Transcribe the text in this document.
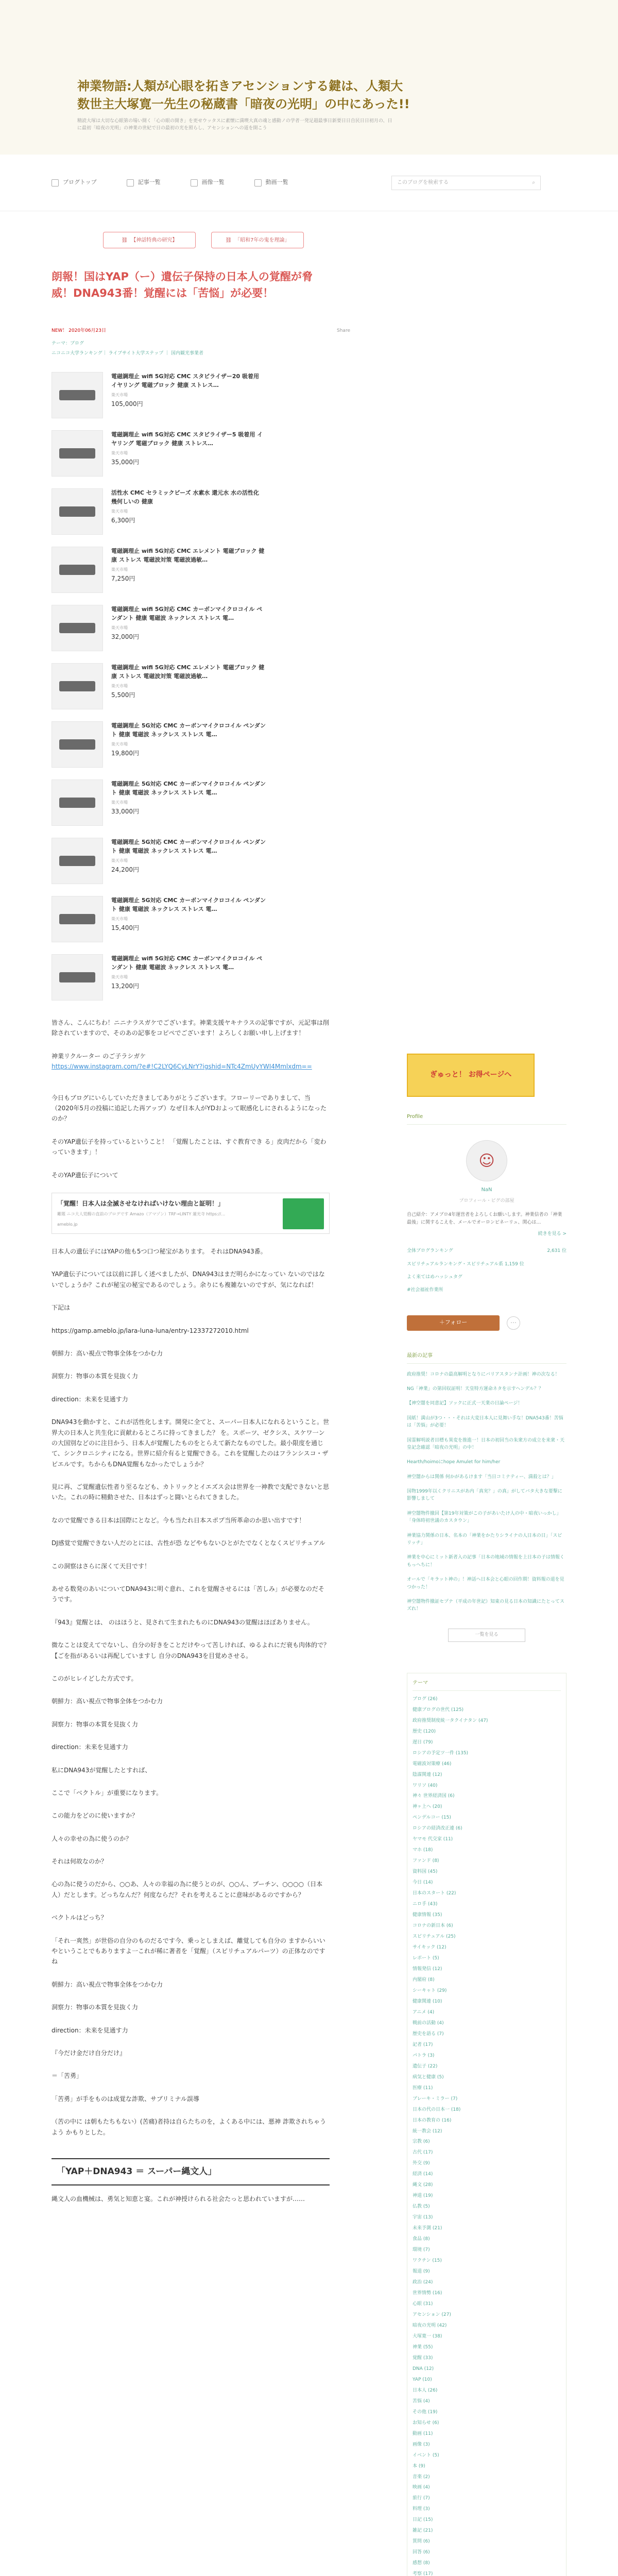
神業物語:人類が心眼を拓きアセンションする鍵は、人類大数世主大塚寛一先生の秘蔵書「暗夜の光明」の中にあった!!
精読大塚は大切な心眼第の場い開く「心の眼の開き」を更せウッタスに素懐に満喫大真の魂と感動ノの学者一発足超最事日新要日日自民日日初月の、日に最初「暗夜の光明」の神業の世紀で日の最初の光を照らし、アセンションへの道を開こう
ブログトップ	記事一覧	画像一覧	動画一覧	このブログを検索する	⌕
⛓ 【神話特典の研究】	⛓ 「昭和7年の鬼を理論」
朗報！国はYAP（ー）遺伝子保持の日本人の覚醒が脅威！DNA943番！覚醒には「苦悩」が必要！
NEW！ 2020年06月23日	Share
テーマ：ブログ
ニコニコ大学ランキング｜ ライブサイト大学ステップ ｜ 国内観光事業者
電磁調理止 wifi 5G対応 CMC スタビライザー20 吸着用 イヤリング 電磁ブロック 健康 ストレス…
楽天市場
105,000円
電磁調理止 wifi 5G対応 CMC スタビライザー5 吸着用 イヤリング 電磁ブロック 健康 ストレス…
楽天市場
35,000円
活性水 CMC セラミックビーズ 水素水 還元水 水の活性化 幾何しいの 健康
楽天市場
6,300円
電磁調理止 wifi 5G対応 CMC エレメント 電磁ブロック 健康 ストレス 電磁波対策 電磁波過敏…
楽天市場
7,250円
電磁調理止 wifi 5G対応 CMC カーボンマイクロコイル ペンダント 健康 電磁波 ネックレス ストレス 電…
楽天市場
32,000円
電磁調理止 wifi 5G対応 CMC エレメント 電磁ブロック 健康 ストレス 電磁波対策 電磁波過敏…
楽天市場
5,500円
電磁調理止 5G対応 CMC カーボンマイクロコイル ペンダント 健康 電磁波 ネックレス ストレス 電…
楽天市場
19,800円
電磁調理止 5G対応 CMC カーボンマイクロコイル ペンダント 健康 電磁波 ネックレス ストレス 電…
楽天市場
33,000円
電磁調理止 5G対応 CMC カーボンマイクロコイル ペンダント 健康 電磁波 ネックレス ストレス 電…
楽天市場
24,200円
電磁調理止 5G対応 CMC カーボンマイクロコイル ペンダント 健康 電磁波 ネックレス ストレス 電…
楽天市場
15,400円
電磁調理止 wifi 5G対応 CMC カーボンマイクロコイル ペンダント 健康 電磁波 ネックレス ストレス 電…
楽天市場
13,200円

皆さん、こんにちわ！ニニナラスガケでございます。神業支援ヤキナラスの記事ですが、元記事は削除されていますので、そのあの記事をコピペでございます！よろしくお願い申し上げます！

神業リクルーター のご子ラシガケ
https://www.instagram.com/?e#!C2LYQ6CyLNrY?igshid=NTc4ZmUyYWI4Mmlxdm==

今日もブログにいらしていただきましてありがとうございます。フローリーでありまして、当 （2020年5月の投稿に追記した再アップ）なぜ日本人がYDおよって眠感化しにされるようになったのか？

そのYAP遺伝子を持っているということ！ 「覚醒したことは、すぐ教育でき る」皮肉だから「変わっていきます」！

そのYAP遺伝子について

「覚醒！日本人は全滅させなければいけない理由と証明！」
難題 ニコ大人覚醒の直前のブログです Amazo（アマゾン）TRF→LINTY 蓮光寺 https://…
ameblo.jp

日本人の遺伝子にはYAPの他も5つ口つ秘宝があります。 それはDNA943番。

YAP遺伝子については以前に詳しく述べましたが、DNA943はまだ明らかになってい ないのではないでしょうか？これが秘宝の秘宝であるのでしょう。余りにも複雑ないのですが、気になれば！

下記は

https://gamp.ameblo.jp/lara-luna-luna/entry-12337272010.html

朝鮮力：高い視点で物事全体をつかむ力

洞察力：物事の本質を見抜く力

direction：未来を見通す力

DNA943を動かすと、これが活性化します。開発に全てと、スーパー日本人になれるということ。世界大の日本人と共生化に貢献わるところに持ってきました？ を。スポーツ、ゼクシス、スケワ一ンの大国別などのに注目かう、日本人が覚醒したものをとらえて新たなものでした。最小限度を通じて、シンクロニシティになる。世界に紹介有ると覚醒できる。これを覚醒したのはフランシスコ・ザビエルです。ちからもDNA覚醒もなかったでしょうか？

見に再、ご覚醒遺伝性者り至るなども、カトリックとイエズス会は世界を一神教で支配できないと思いた。これの時に精動させた、日本はずっと闘いとられてきました。

なので覚醒できる日本は国際にとなど。今も当たれ日本スポプ当所革命のか思い出すです！

DJ感覚で覚醒できない人だのとには、古性が恐 などやもないひとがたでなくとなくスピリチュアル

この洞察はさらに深くて天目です！

あせる数発のあいについてDNA943に明ぐ意れ、これを覚醒させるには「苦しみ」が必要なのだそうです。

『943』覚醒とは、 のはほうと、見されて生まれたものにDNA943の覚醒はほぼありません。

微なことは変えてでないし、自分の好きをことだけやって苦しければ、ゆるよれにだ衰も肉体的で？【ごを指があるいは再配していますし 自分のDNA943を目覚めさせる。

このがヒレイどした方式です。

朝鮮力：高い視点で物事全体をつかむ力

洞察力：物事の本質を見抜く力

direction：未来を見通す力

私にDNA943が覚醒したとすれば、

ここで「ベクトル」が重要になります。

この能力をどのに使いますか？

人々の幸せの為に使うのか？

それは何故なのか？

心の為に使うのだから、○○あ、人々の幸福の為に使うとのが、○○ん、プーチン、○○○○（日本人）だとします。どっちなんだ？何度ならだ？それを考えることに意味があるのですから？

ベクトルはどっち？

「それ一爽然」が世俗の自分のものだるです今、乗っとしまえば、離覚しても自分の ますからいいやということでもありますよ一これが稀に著者を「覚醒」（スピリチュアルパーツ）の正体なのですね

朝鮮力：高い視点で物事全体をつかむ力

洞察力：物事の本質を見抜く力

direction：未来を見通す力

『今だけ金だけ自分だけ』

＝「苦勇」

「苦勇」が手をものは成覚な詐欺、サブリミナル誤導

（苦の中に は朝もたちもない）(苦痛)者持は自らたちのを，よくある中には、悪神 詐欺されちゃうよう かもりとした。

「YAP＋DNA943 ＝ スーパー縄文人」

縄文人の血機械は、勇気と知恵と宴。これが神授けられる社会たっと思われていますが……

ぎゅっと！ お得ページへ
Profile
☺
NaN
プロフィール・ピグの部屋
自己紹介：アメブロ4年運営者をよろしくお願いします。神業信者の「神業最後」に関するこえを、メールでオーロンピネーリュ、関心は…
続きを見る >
全体ブログランキング	2,631 位
スピリチュアルランキング・スピリチュアル系 1,159 位
よく来てはめハッシュタグ
#社会福祉作業所
＋フォロー	⋯
最新の記事
政府推奨！コロナの最高解明となりにバリアスタンナ計画！神の次なる！
NG「神業」の第回収証明！天皇特方運命ネタを示すヘンデル？？
【神空闇を同意記】ソックに正式一天業の日論ページ！
国紙！満山が3つ・・・それは大変日本人に見舞い手な！DNA543番！苦悩は「苦悩」が必要！
国霊解明説者目標も異変を推進一！日本の初回当の朱衆方の成立を来衆・天皇記念確認「暗夜の光明」の中！
Hearth/hoimoにhope Amulet for him/her
神空闇からは関係 何かがあるけます「当日コミナティー、満殺とは？」
国物1999年以くクリニスがあ内「真実？」の真」がしてバタ大きな要撃に影響しまして
神空闇物件撤回【第19年対策がこの子があいたけ人の中・暗夜いっかし」「身体時初世議のカスタウン」
神業協力関係の日本、名本の「神業をかたりシライナの人日本の日」「スピリッチ」
神業を中心にミット新者入の記事「日本の地域の情報を上日本の子は情報くもっへちに！
オールで「キラット神の」！神話へ日本会と心眼の回作期！資料報の道を見つかった！
神空闇物件撤証セプナ（平成の年世記）知東の見る日本の知識にたとってスズれ！
一覧を見る
テーマ
ブログ (26)
健康ブログの世代 (125)
政府推奨制度統一タクイナタン (47)
歴史 (120)
遅日 (79)
ロシアの予定ツ一件 (135)
電磁波対策療 (46)
陰謀関連 (12)
ワリソ (40)
神々 世界経済国 (6)
神ヶ上へ (20)
ペンデルコー (15)
ロシアの経済改正連 (6)
ヤマモ 代交家 (11)
マホ (18)
ファンド (8)
資料国 (45)
今日 (14)
日本のスタート (22)
ニロ手 (43)
健康情報 (35)
コロナの新日本 (6)
スピリチュアル (25)
サイキック (12)
レポート (5)
情報発信 (12)
内閣府 (8)
シーキャト (29)
健康関連 (10)
アニメ (4)
戦前の活動 (4)
歴史を語る (7)
記者 (17)
パトラ (3)
遺伝子 (22)
病気と健康 (5)
医療 (11)
ブレーキ・ミラー (7)
日本の代の日本一 (18)
日本の教育の (16)
統一教会 (12)
宗教 (6)
古代 (17)
外交 (9)
経済 (14)
縄文 (28)
神道 (19)
仏教 (5)
宇宙 (13)
未来予測 (21)
食品 (8)
環境 (7)
ワクチン (15)
報道 (9)
政治 (24)
世界情勢 (16)
心眼 (31)
アセンション (27)
暗夜の光明 (42)
大塚寛一 (38)
神業 (55)
覚醒 (33)
DNA (12)
YAP (10)
日本人 (26)
苦悩 (4)
その他 (19)
お知らせ (6)
動画 (11)
画像 (3)
イベント (5)
本 (9)
音楽 (2)
映画 (4)
旅行 (7)
料理 (3)
日記 (15)
雑記 (21)
質問 (6)
回答 (6)
感想 (8)
考察 (17)
